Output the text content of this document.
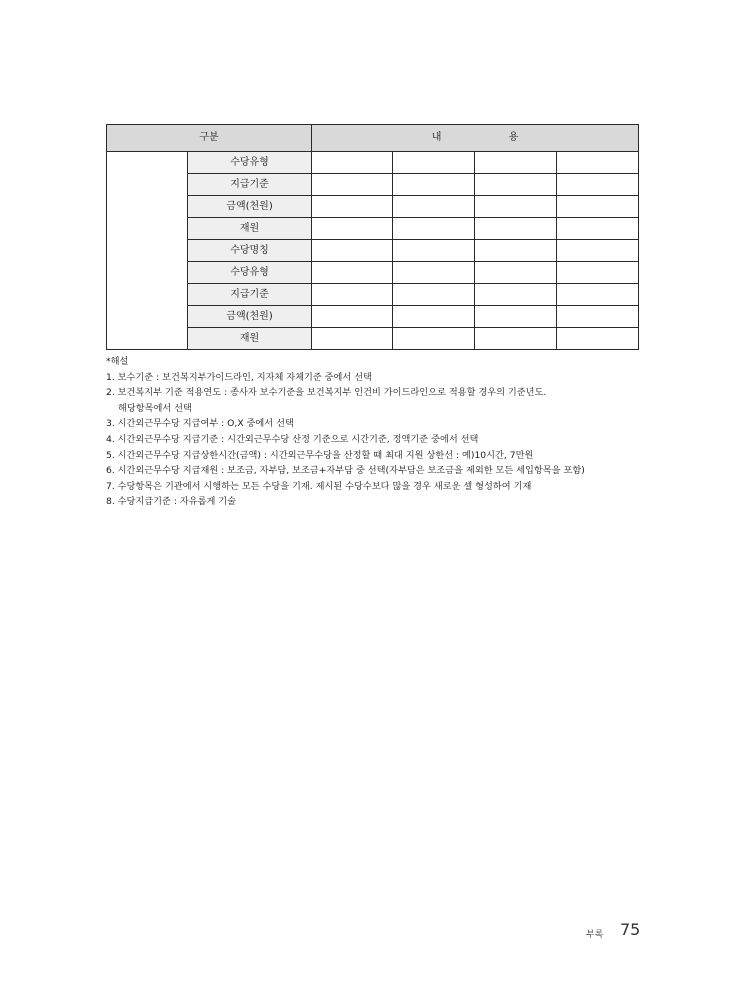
구분		내 용			
	수당유형				
	지급기준				
	금액(천원)				
	재원				
	수당명칭				
	수당유형				
	지급기준				
	금액(천원)				
	재원				
*해설
1. 보수기준 : 보건복지부가이드라인, 지자체 자체기준 중에서 선택
2. 보건복지부 기준 적용연도 : 종사자 보수기준을 보건복지부 인건비 가이드라인으로 적용할 경우의 기준년도.
해당항목에서 선택
3. 시간외근무수당 지급여부 : O,X 중에서 선택
4. 시간외근무수당 지급기준 : 시간외근무수당 산정 기준으로 시간기준, 정액기준 중에서 선택
5. 시간외근무수당 지급상한시간(금액) : 시간외근무수당을 산정할 때 최대 지원 상한선 : 예)10시간, 7만원
6. 시간외근무수당 지급재원 : 보조금, 자부담, 보조금+자부담 중 선택(자부담은 보조금을 제외한 모든 세입항목을 포함)
7. 수당항목은 기관에서 시행하는 모든 수당을 기재. 제시된 수당수보다 많을 경우 새로운 셀 형성하여 기재
8. 수당지급기준 : 자유롭게 기술
부록 75
